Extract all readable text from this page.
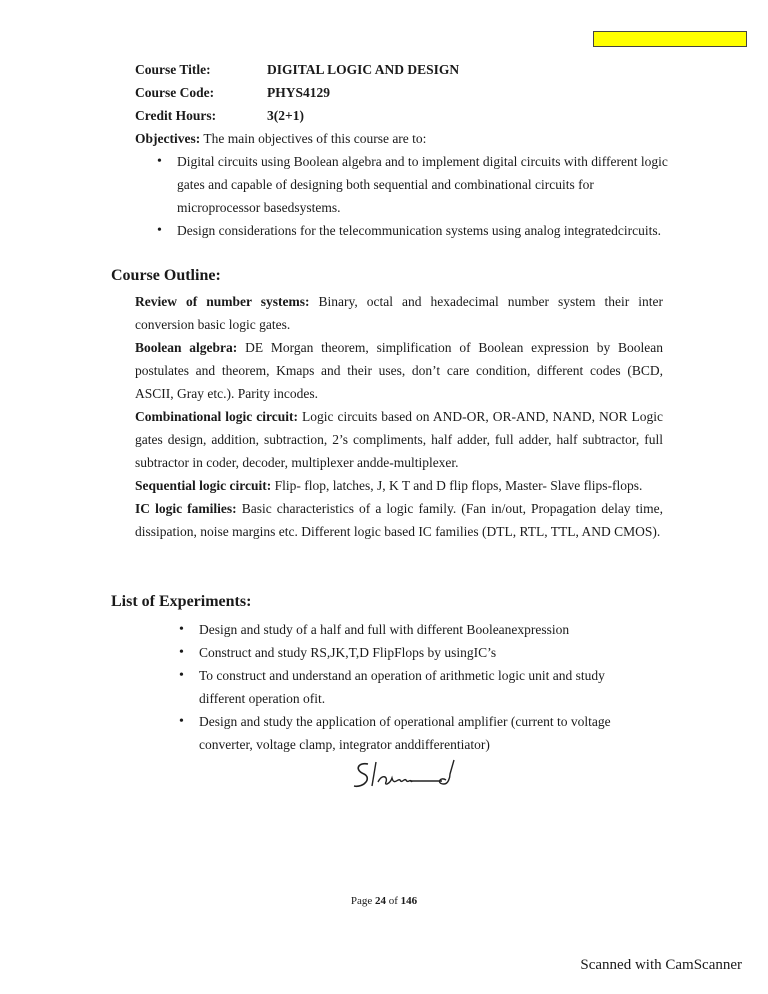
Course Title:	DIGITAL LOGIC AND DESIGN
Course Code:	PHYS4129
Credit Hours:	3(2+1)
Objectives: The main objectives of this course are to:
• Digital circuits using Boolean algebra and to implement digital circuits with different logic gates and capable of designing both sequential and combinational circuits for microprocessor basedsystems.
• Design considerations for the telecommunication systems using analog integratedcircuits.
Course Outline:

Review of number systems: Binary, octal and hexadecimal number system their inter conversion basic logic gates.

Boolean algebra: DE Morgan theorem, simplification of Boolean expression by Boolean postulates and theorem, Kmaps and their uses, don’t care condition, different codes (BCD, ASCII, Gray etc.). Parity incodes.

Combinational logic circuit: Logic circuits based on AND-OR, OR-AND, NAND, NOR Logic gates design, addition, subtraction, 2’s compliments, half adder, full adder, half subtractor, full subtractor in coder, decoder, multiplexer andde-multiplexer.

Sequential logic circuit: Flip- flop, latches, J, K T and D flip flops, Master- Slave flips-flops.

IC logic families: Basic characteristics of a logic family. (Fan in/out, Propagation delay time, dissipation, noise margins etc. Different logic based IC families (DTL, RTL, TTL, AND CMOS).

List of Experiments:
• Design and study of a half and full with different Booleanexpression
• Construct and study RS,JK,T,D FlipFlops by usingIC’s
• To construct and understand an operation of arithmetic logic unit and study different operation ofit.
• Design and study the application of operational amplifier (current to voltage converter, voltage clamp, integrator anddifferentiator)
Page 24 of 146
Scanned with CamScanner
